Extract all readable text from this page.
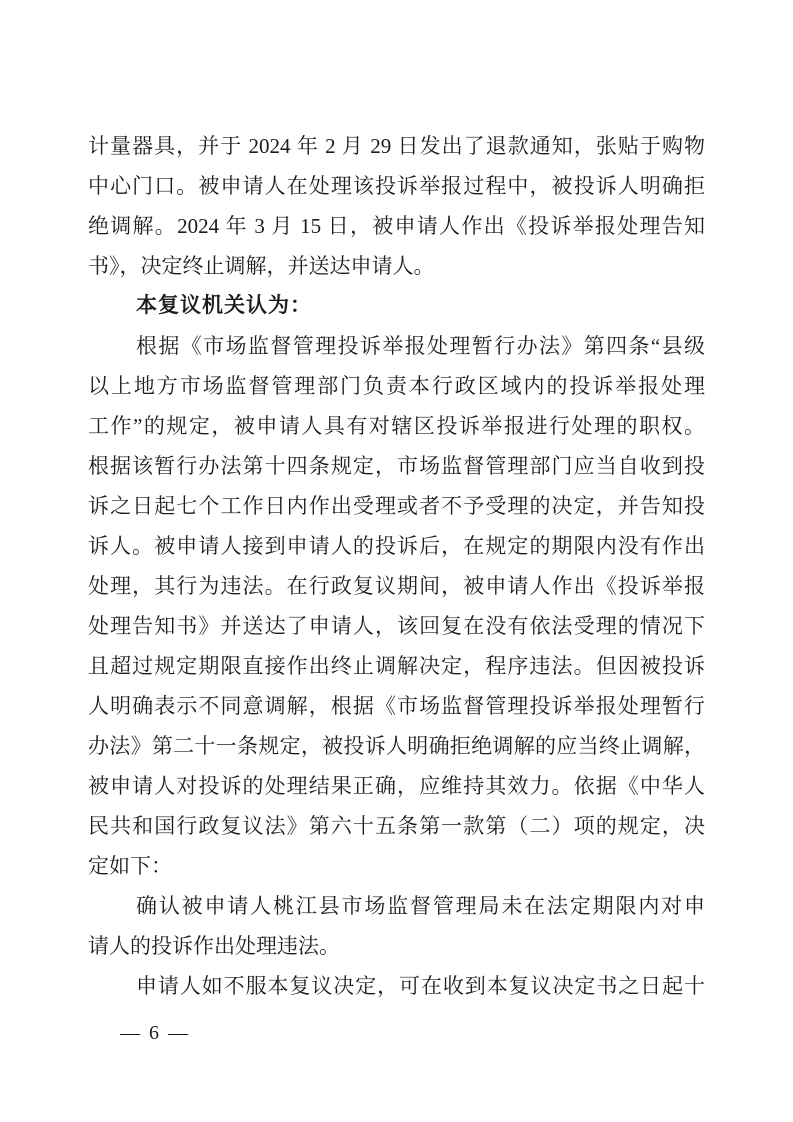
计量器具，并于 2024 年 2 月 29 日发出了退款通知，张贴于购物
中心门口。被申请人在处理该投诉举报过程中，被投诉人明确拒
绝调解。2024 年 3 月 15 日，被申请人作出《投诉举报处理告知
书》，决定终止调解，并送达申请人。
本复议机关认为：
根据《市场监督管理投诉举报处理暂行办法》第四条“县级
以上地方市场监督管理部门负责本行政区域内的投诉举报处理
工作”的规定，被申请人具有对辖区投诉举报进行处理的职权。
根据该暂行办法第十四条规定，市场监督管理部门应当自收到投
诉之日起七个工作日内作出受理或者不予受理的决定，并告知投
诉人。被申请人接到申请人的投诉后，在规定的期限内没有作出
处理，其行为违法。在行政复议期间，被申请人作出《投诉举报
处理告知书》并送达了申请人，该回复在没有依法受理的情况下
且超过规定期限直接作出终止调解决定，程序违法。但因被投诉
人明确表示不同意调解，根据《市场监督管理投诉举报处理暂行
办法》第二十一条规定，被投诉人明确拒绝调解的应当终止调解，
被申请人对投诉的处理结果正确，应维持其效力。依据《中华人
民共和国行政复议法》第六十五条第一款第（二）项的规定，决
定如下：
确认被申请人桃江县市场监督管理局未在法定期限内对申
请人的投诉作出处理违法。
申请人如不服本复议决定，可在收到本复议决定书之日起十
— 6 —
